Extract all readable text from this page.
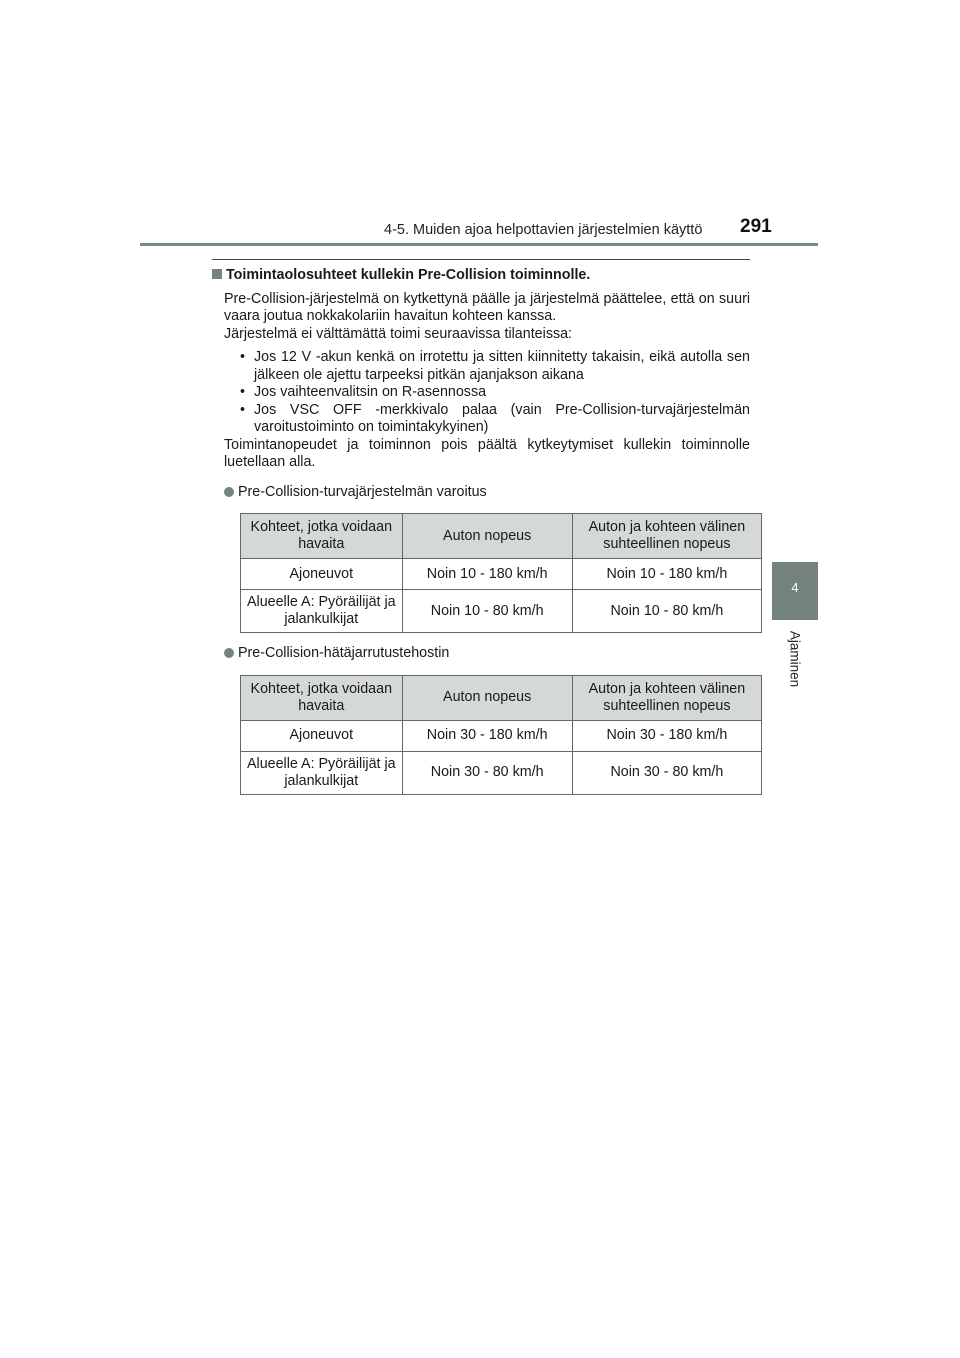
4-5. Muiden ajoa helpottavien järjestelmien käyttö 291
4
Ajaminen
Toimintaolosuhteet kullekin Pre-Collision toiminnolle.

Pre-Collision-järjestelmä on kytkettynä päälle ja järjestelmä päättelee, että on suuri vaara joutua nokkakolariin havaitun kohteen kanssa.

Järjestelmä ei välttämättä toimi seuraavissa tilanteissa:

• Jos 12 V -akun kenkä on irrotettu ja sitten kiinnitetty takaisin, eikä autolla sen jälkeen ole ajettu tarpeeksi pitkän ajanjakson aikana
• Jos vaihteenvalitsin on R-asennossa
• Jos VSC OFF -merkkivalo palaa (vain Pre-Collision-turvajärjestelmän varoitustoiminto on toimintakykyinen)

Toimintanopeudet ja toiminnon pois päältä kytkeytymiset kullekin toiminnolle luetellaan alla.

Pre-Collision-turvajärjestelmän varoitus
Kohteet, jotka voidaan havaita	Auton nopeus	Auton ja kohteen välinen suhteellinen nopeus
Ajoneuvot	Noin 10 - 180 km/h	Noin 10 - 180 km/h
Alueelle A: Pyöräilijät ja jalankulkijat	Noin 10 - 80 km/h	Noin 10 - 80 km/h
Pre-Collision-hätäjarrutustehostin
Kohteet, jotka voidaan havaita	Auton nopeus	Auton ja kohteen välinen suhteellinen nopeus
Ajoneuvot	Noin 30 - 180 km/h	Noin 30 - 180 km/h
Alueelle A: Pyöräilijät ja jalankulkijat	Noin 30 - 80 km/h	Noin 30 - 80 km/h
